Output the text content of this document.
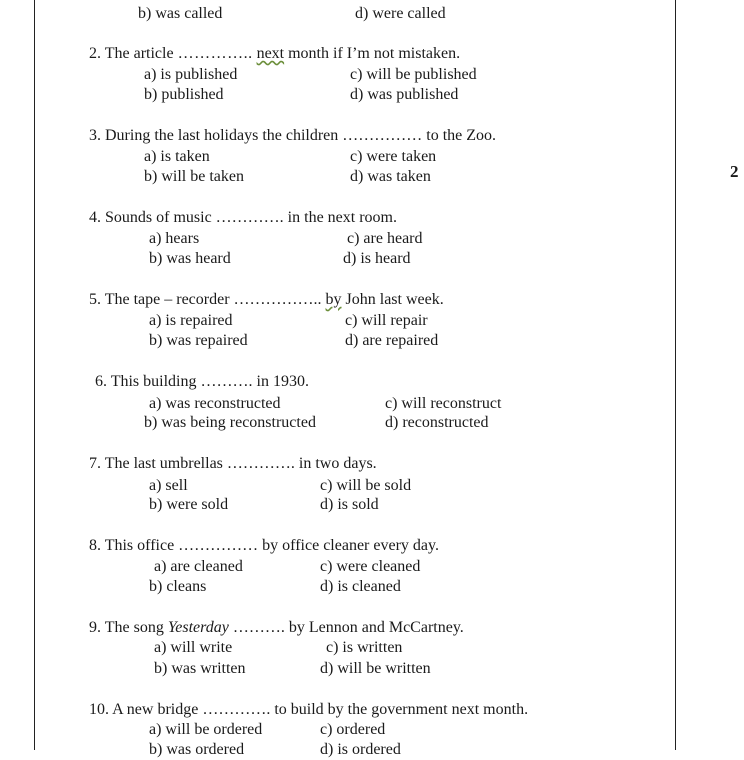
2
b) was called	d) were called
2. The article ………….. next month if I’m not mistaken.
a) is published	c) will be published
b) published	d) was published
3. During the last holidays the children …………… to the Zoo.
a) is taken	c) were taken
b) will be taken	d) was taken
4. Sounds of music …………. in the next room.
a) hears	c) are heard
b) was heard	d) is heard
5. The tape – recorder …………….. by John last week.
a) is repaired	c) will repair
b) was repaired	d) are repaired
6. This building ………. in 1930.
a) was reconstructed	c) will reconstruct
b) was being reconstructed	d) reconstructed
7. The last umbrellas …………. in two days.
a) sell	c) will be sold
b) were sold	d) is sold
8. This office …………… by office cleaner every day.
a) are cleaned	c) were cleaned
b) cleans	d) is cleaned
9. The song Yesterday ………. by Lennon and McCartney.
a) will write	c) is written
b) was written	d) will be written
10. A new bridge …………. to build by the government next month.
a) will be ordered	c) ordered
b) was ordered	d) is ordered
